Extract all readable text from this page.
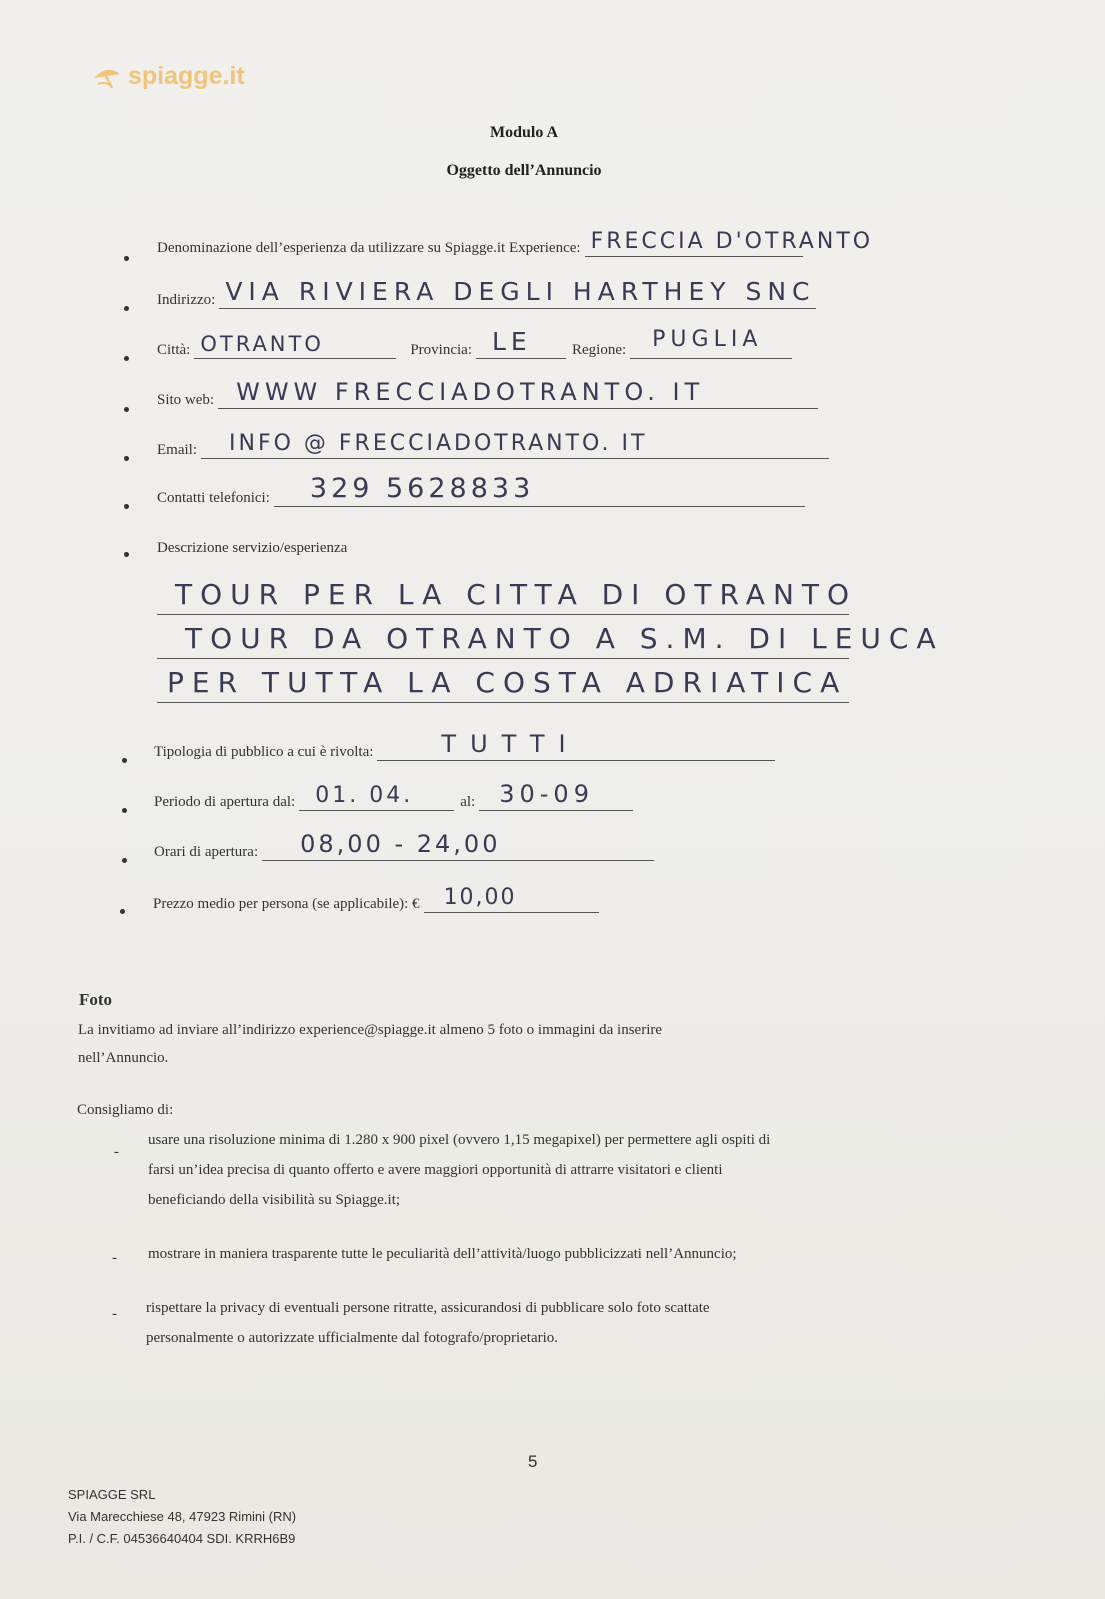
spiagge.it
Modulo A
Oggetto dell’Annuncio
Denominazione dell’esperienza da utilizzare su Spiagge.it Experience: FRECCIA D'OTRANTO
Indirizzo: VIA RIVIERA DEGLI HARTHEY SNC
Città: OTRANTO	Provincia: LE	Regione: PUGLIA
Sito web: WWW FRECCIADOTRANTO. IT
Email: INFO @ FRECCIADOTRANTO. IT
Contatti telefonici: 329 5628833
Descrizione servizio/esperienza
TOUR PER LA CITTA DI OTRANTO
TOUR DA OTRANTO A S.M. DI LEUCA
PER TUTTA LA COSTA ADRIATICA
Tipologia di pubblico a cui è rivolta:	TUTTI
Periodo di apertura dal: 01. 04.	al: 30-09
Orari di apertura: 08,00 - 24,00
Prezzo medio per persona (se applicabile): € 10,00
Foto
La invitiamo ad inviare all’indirizzo experience@spiagge.it almeno 5 foto o immagini da inserire
nell’Annuncio.
Consigliamo di:
-
usare una risoluzione minima di 1.280 x 900 pixel (ovvero 1,15 megapixel) per permettere agli ospiti di
farsi un’idea precisa di quanto offerto e avere maggiori opportunità di attrarre visitatori e clienti
beneficiando della visibilità su Spiagge.it;
- mostrare in maniera trasparente tutte le peculiarità dell’attività/luogo pubblicizzati nell’Annuncio;
- rispettare la privacy di eventuali persone ritratte, assicurandosi di pubblicare solo foto scattate
personalmente o autorizzate ufficialmente dal fotografo/proprietario.
5
SPIAGGE SRL
Via Marecchiese 48, 47923 Rimini (RN)
P.I. / C.F. 04536640404 SDI. KRRH6B9
